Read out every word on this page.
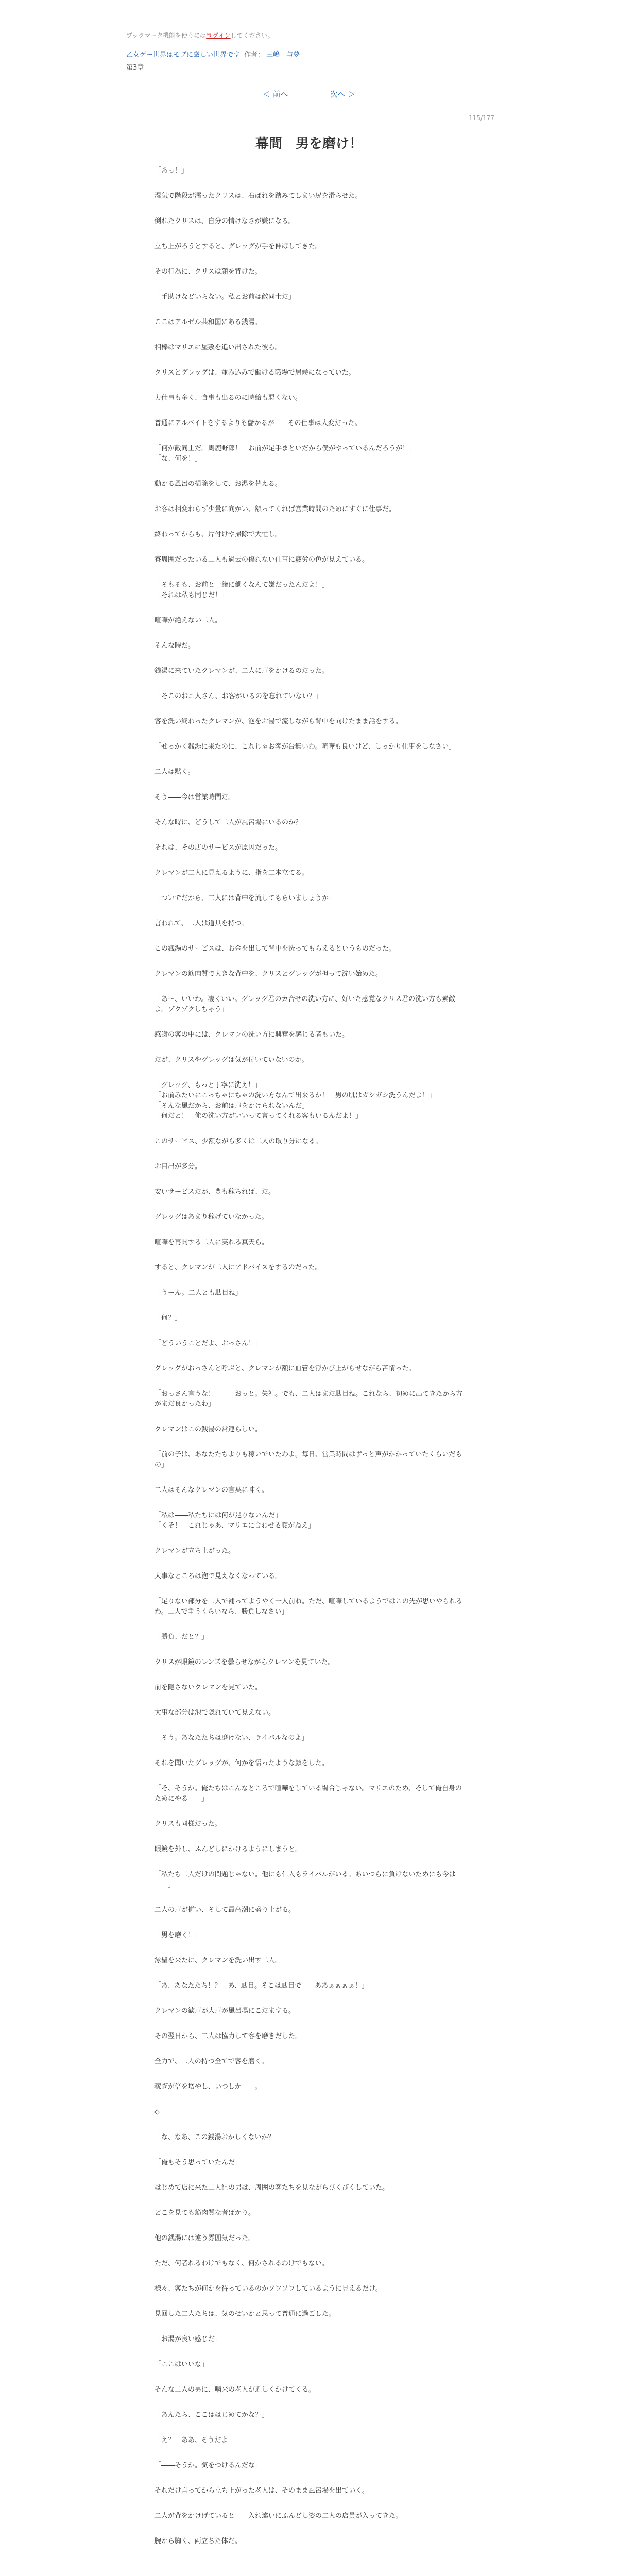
ブックマーク機能を使うにはログインしてください。
乙女ゲー世界はモブに厳しい世界です 作者： 三嶋　与夢
第3章
＜ 前へ	次へ ＞
115/177
幕間　男を磨け！

「あっ！」

湿気で階段が濡ったクリスは、右ばれを踏みてしまい尻を滑らせた。

倒れたクリスは、自分の情けなさが嫌になる。

立ち上がろうとすると、グレッグが手を伸ばしてきた。

その行為に、クリスは顔を背けた。

「手助けなどいらない。私とお前は敵同士だ」

ここはアルゼル共和国にある銭湯。

相棒はマリエに屋敷を追い出された彼ら。

クリスとグレッグは、並み込みで働ける職場で居候になっていた。

力仕事も多く、食事も出るのに時給も悪くない。

普通にアルバイトをするよりも儲かるが――その仕事は大変だった。

「何が敵同士だ。馬鹿野郎！　お前が足手まといだから僕がやっているんだろうが！」
「な、何を！」

動かる風呂の掃除をして、お湯を替える。

お客は相変わらず少量に向かい、額ってくれば営業時間のためにすぐに仕事だ。

終わってからも、片付けや掃除で大忙し。

寮周囲だったいる二人も過去の傷れない仕事に疲労の色が見えている。

「そもそも、お前と一緒に働くなんて嫌だったんだよ！」
「それは私も同じだ！」

喧嘩が絶えない二人。

そんな時だ。

銭湯に来ていたクレマンが、二人に声をかけるのだった。

「そこのおニ人さん、お客がいるのを忘れていない？」

客を洗い終わったクレマンが、泡をお湯で流しながら背中を向けたまま話をする。

「せっかく銭湯に来たのに、これじゃお客が台無いわ。喧嘩も良いけど、しっかり仕事をしなさい」

二人は黙く。

そう――今は営業時間だ。

そんな時に、どうして二人が風呂場にいるのか？

それは、その店のサービスが原因だった。

クレマンが二人に見えるように、指を二本立てる。

「ついでだから、二人には背中を流してもらいましょうか」

言われて、二人は道具を持つ。

この銭湯のサービスは、お金を出して背中を洗ってもらえるというものだった。

クレマンの筋肉質で大きな背中を、クリスとグレッグが担って洗い始めた。

「あ〜、いいわ。凄くいい。グレッグ君のカ合せの洗い方に、好いた感覚なクリス君の洗い方も素敵よ。ゾクゾクしちゃう」

感謝の客の中には、クレマンの洗い方に興奮を感じる者もいた。

だが、クリスやグレッグは気が付いていないのか。

「グレッグ、もっと丁寧に洗え！」
「お前みたいにこっちゃにちゃの洗い方なんて出来るか！　男の肌はガシガシ洗うんだよ！」
「そんな風だから、お前は声をかけられないんだ」
「何だと！　俺の洗い方がいいって言ってくれる客もいるんだよ！」

このサービス、少額ながら多くは二人の取り分になる。

お目出が多分。

安いサービスだが、豊も稼ちれば、だ。

グレッグはあまり稼げていなかった。

喧嘩を再開する二人に実れる真天ら。

すると、クレマンが二人にアドバイスをするのだった。

「うーん。二人とも駄目ね」

「何？」

「どういうことだよ、おっさん！」

グレッグがおっさんと呼ぶと、クレマンが額に血管を浮かび上がらせながら苦情った。

「おっさん言うな！　――おっと。失礼。でも、二人はまだ駄目ね。これなら、初めに出てきたから方がまだ良かったわ」

クレマンはこの銭湯の常連らしい。

「前の子は、あなたたちよりも稼いでいたわよ。毎日、営業時間はずっと声がかかっていたくらいだもの」

二人はそんなクレマンの言葉に呻く。

「私は――私たちには何が足りないんだ」
「くそ！　これじゃあ、マリエに合わせる顔がねえ」

クレマンが立ち上がった。

大事なところは泡で見えなくなっている。

「足りない部分を二人で補ってようやく一人前ね。ただ、喧嘩しているようではこの先が思いやられるわ。二人で争うくらいなら、勝負しなさい」

「勝負、だと？」

クリスが眼鏡のレンズを曇らせながらクレマンを見ていた。

前を隠さないクレマンを見ていた。

大事な部分は泡で隠れていて見えない。

「そう。あなたたちは磨けない、ライバルなのよ」

それを聞いたグレッグが、何かを悟ったような顔をした。

「そ、そうか。俺たちはこんなところで喧嘩をしている場合じゃない。マリエのため、そして俺自身のためにやる――」

クリスも同様だった。

眼鏡を外し、ふんどしにかけるようにしまうと。

「私たち二人だけの問題じゃない。他にも仁人もライバルがいる。あいつらに負けないためにも今は――」

二人の声が揃い、そして最高潮に盛り上がる。

「男を磨く！」

泳聖を来たに、クレマンを洗い出す二人。

「あ、あなたたち！？　あ、駄目。そこは駄目で――ああぁぁぁぁ！」

クレマンの歓声が大声が風呂場にこだまする。

その翌日から、二人は協力して客を磨きだした。

全力で、二人の持つ全てで客を磨く。

稼ぎが倍を増やし、いつしか――。

◇

「な、なあ、この銭湯おかしくないか？」

「俺もそう思っていたんだ」

はじめて店に来た二人組の男は、周囲の客たちを見ながらびくびくしていた。

どこを見ても筋肉質な者ばかり。

他の銭湯には違う雰囲気だった。

ただ、何者れるわけでもなく、何かされるわけでもない。

様々、客たちが何かを待っているのかソワソワしているように見えるだけ。

見回した二人たちは、気のせいかと思って普通に過ごした。

「お湯が良い感じだ」

「ここはいいな」

そんな二人の男に、噛来の老人が近しくかけてくる。

「あんたら、ここははじめてかな？」

「え？　ああ、そうだよ」

「――そうか。気をつけるんだな」

それだけ言ってから立ち上がった老人は、そのまま風呂場を出ていく。

二人が背をかけげていると――入れ違いにふんどし姿の二人の店員が入ってきた。

腕から胸く、両立ちた体だ。
